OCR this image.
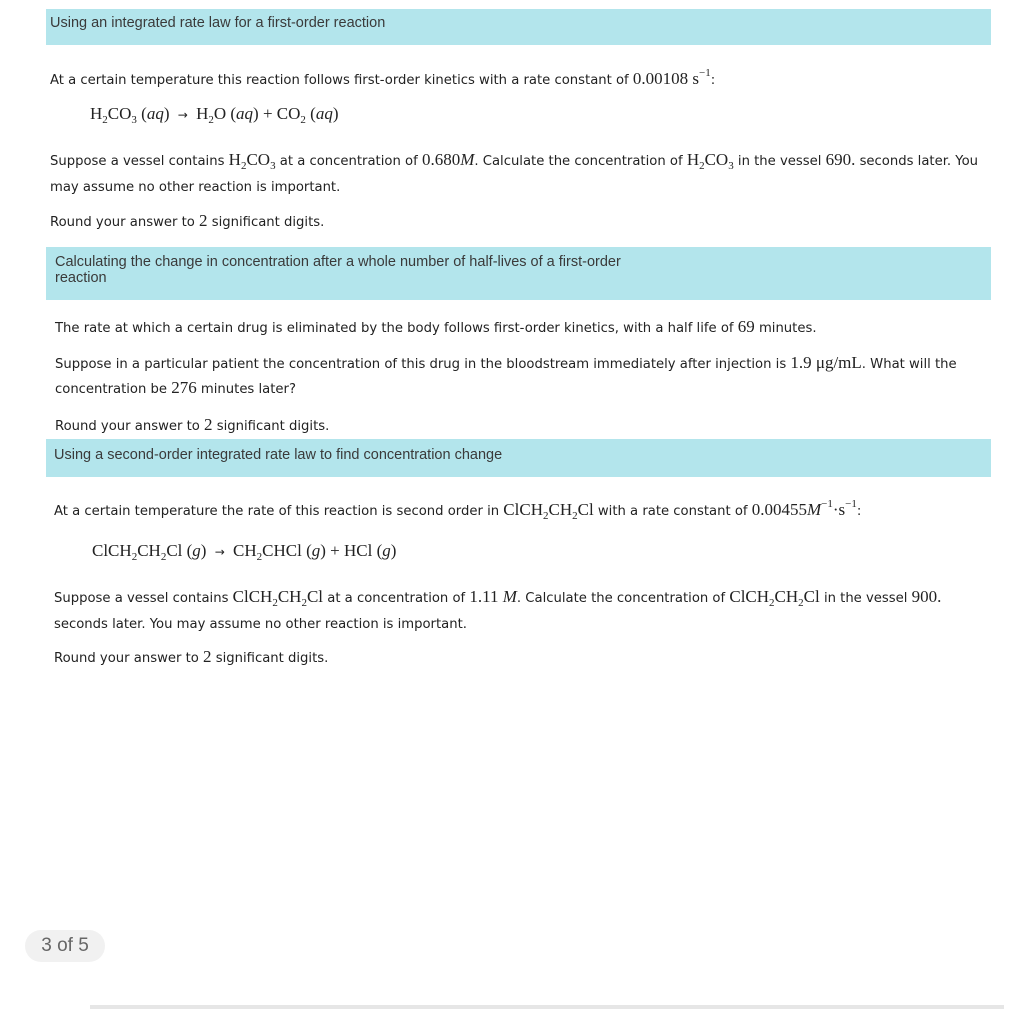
Using an integrated rate law for a first-order reaction
At a certain temperature this reaction follows first-order kinetics with a rate constant of 0.00108 $s^{-1}$:
$H_2CO_3$ $(aq) \to H_2O$ $(aq) + CO_2$ (aq)
Suppose a vessel contains $H_2CO_3$ at a concentration of 0.680M. Calculate the concentration of $H_2CO_3$ in the vessel 690. seconds later. You may assume no other reaction is important.
Round your answer to 2 significant digits.
Calculating the change in concentration after a whole number of half-lives of a first-order reaction
The rate at which a certain drug is eliminated by the body follows first-order kinetics, with a half life of 69 minutes.
Suppose in a particular patient the concentration of this drug in the bloodstream immediately after injection is 1.9 μg/mL. What will the concentration be 276 minutes later?
Round your answer to 2 significant digits.
Using a second-order integrated rate law to find concentration change
At a certain temperature the rate of this reaction is second order in $ClCH_2CH_2Cl$ with a rate constant of $0.00455M^{-1}\cdot s^{-1}$:
$ClCH_2CH_2Cl$ $(g) \to CH_2CHCl$ (g) + HCl (g)
Suppose a vessel contains $ClCH_2CH_2Cl$ at a concentration of 1.11 M. Calculate the concentration of $ClCH_2CH_2Cl$ in the vessel 900. seconds later. You may assume no other reaction is important.
Round your answer to 2 significant digits.
3 of 5
